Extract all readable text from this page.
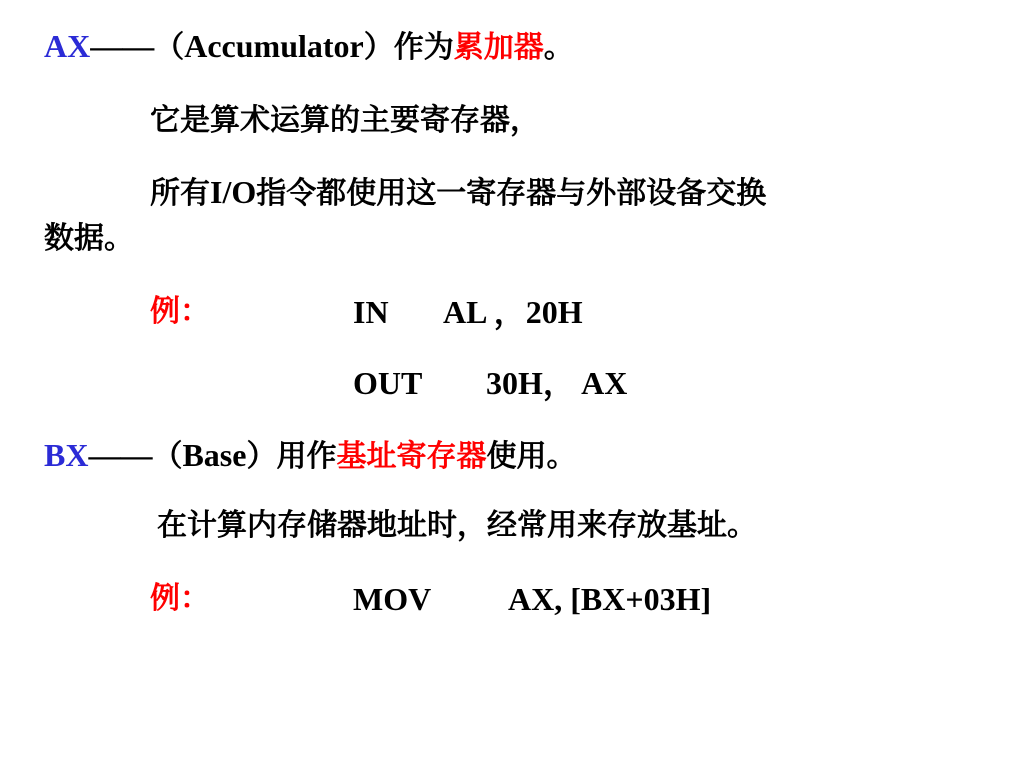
AX——（Accumulator）作为累加器。
它是算术运算的主要寄存器，
所有I/O指令都使用这一寄存器与外部设备交换
数据。
例：	IN AL ，20H
OUT 30H， AX
BX——（Base）用作基址寄存器使用。
在计算内存储器地址时，经常用来存放基址。
例：	MOV AX, [BX+03H]
